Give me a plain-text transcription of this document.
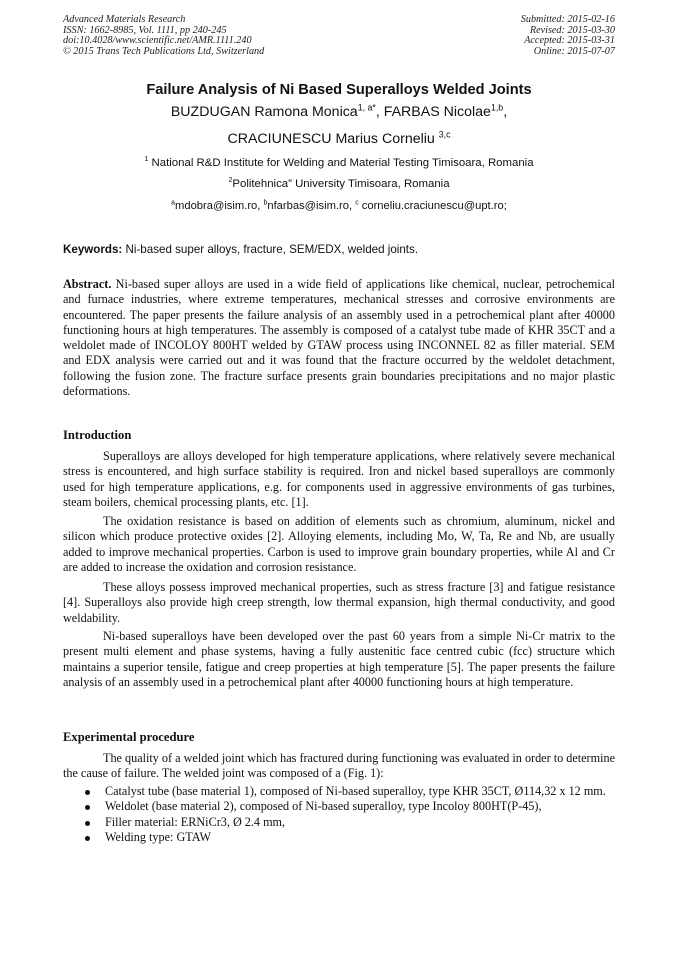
Advanced Materials Research
ISSN: 1662-8985, Vol. 1111, pp 240-245
doi:10.4028/www.scientific.net/AMR.1111.240
© 2015 Trans Tech Publications Ltd, Switzerland
Submitted: 2015-02-16
Revised: 2015-03-30
Accepted: 2015-03-31
Online: 2015-07-07
Failure Analysis of Ni Based Superalloys Welded Joints
BUZDUGAN Ramona Monica$^{1, a*}$, FARBAS Nicolae$^{1,b}$,
CRACIUNESCU Marius Corneliu $^{3,c}$
$^1$ National R&D Institute for Welding and Material Testing Timisoara, Romania
$^2$Politehnica” University Timisoara, Romania
$^a$mdobra@isim.ro, $^b$nfarbas@isim.ro, $^c$ corneliu.craciunescu@upt.ro;
Keywords: Ni-based super alloys, fracture, SEM/EDX, welded joints.
Abstract. Ni-based super alloys are used in a wide field of applications like chemical, nuclear, petrochemical and furnace industries, where extreme temperatures, mechanical stresses and corrosive environments are encountered. The paper presents the failure analysis of an assembly used in a petrochemical plant after 40000 functioning hours at high temperatures. The assembly is composed of a catalyst tube made of KHR 35CT and a weldolet made of INCOLOY 800HT welded by GTAW process using INCONNEL 82 as filler material. SEM and EDX analysis were carried out and it was found that the fracture occurred by the weldolet detachment, following the fusion zone. The fracture surface presents grain boundaries precipitations and no major plastic deformations.
Introduction
Superalloys are alloys developed for high temperature applications, where relatively severe mechanical stress is encountered, and high surface stability is required. Iron and nickel based superalloys are commonly used for high temperature applications, e.g. for components used in aggressive environments of gas turbines, steam boilers, chemical processing plants, etc. [1].
The oxidation resistance is based on addition of elements such as chromium, aluminum, nickel and silicon which produce protective oxides [2]. Alloying elements, including Mo, W, Ta, Re and Nb, are usually added to improve mechanical properties. Carbon is used to improve grain boundary properties, while Al and Cr are added to increase the oxidation and corrosion resistance.
These alloys possess improved mechanical properties, such as stress fracture [3] and fatigue resistance [4]. Superalloys also provide high creep strength, low thermal expansion, high thermal conductivity, and good weldability.
Ni-based superalloys have been developed over the past 60 years from a simple Ni-Cr matrix to the present multi element and phase systems, having a fully austenitic face centred cubic (fcc) structure which maintains a superior tensile, fatigue and creep properties at high temperature [5]. The paper presents the failure analysis of an assembly used in a petrochemical plant after 40000 functioning hours at high temperature.
Experimental procedure
The quality of a welded joint which has fractured during functioning was evaluated in order to determine the cause of failure. The welded joint was composed of a (Fig. 1):
Catalyst tube (base material 1), composed of Ni-based superalloy, type KHR 35CT, Ø114,32 x 12 mm.
Weldolet (base material 2), composed of Ni-based superalloy, type Incoloy 800HT(P-45),
Filler material: ERNiCr3, Ø 2.4 mm,
Welding type: GTAW
